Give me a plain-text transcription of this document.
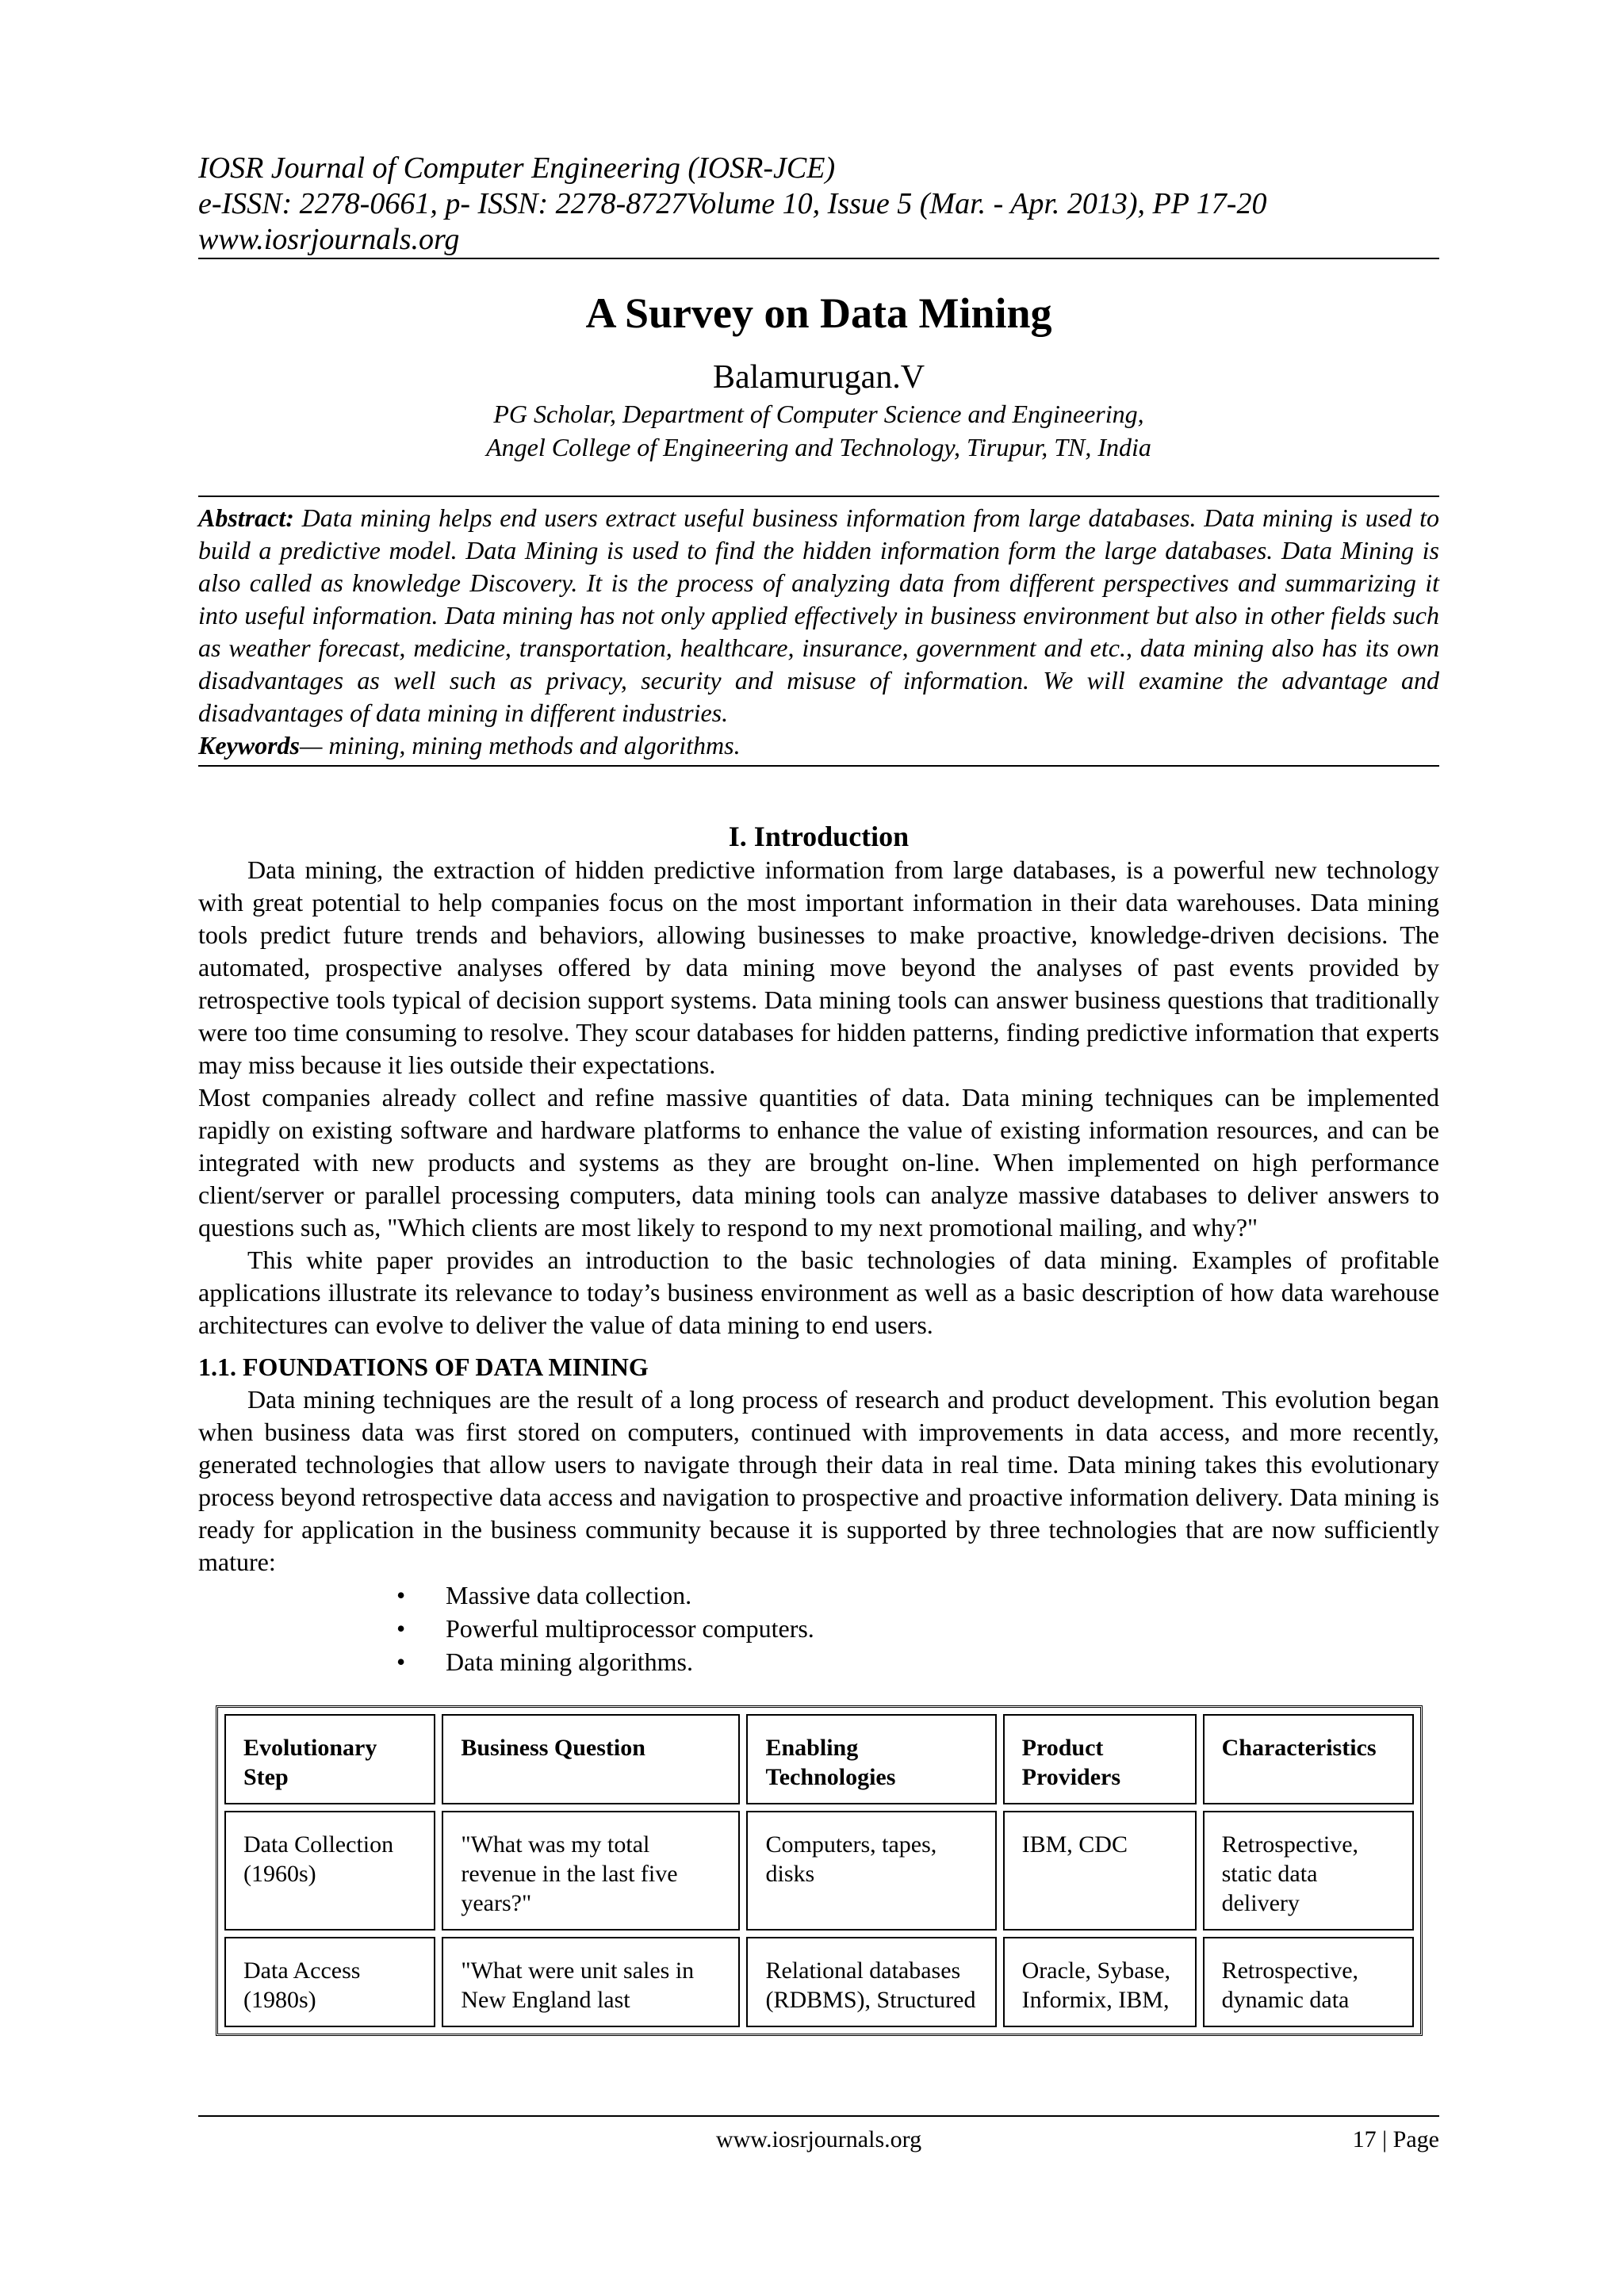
IOSR Journal of Computer Engineering (IOSR-JCE)
e-ISSN: 2278-0661, p- ISSN: 2278-8727Volume 10, Issue 5 (Mar. - Apr. 2013), PP 17-20
www.iosrjournals.org
A Survey on Data Mining
Balamurugan.V
PG Scholar, Department of Computer Science and Engineering,
Angel College of Engineering and Technology, Tirupur, TN, India

Abstract: Data mining helps end users extract useful business information from large databases. Data mining is used to build a predictive model. Data Mining is used to find the hidden information form the large databases. Data Mining is also called as knowledge Discovery. It is the process of analyzing data from different perspectives and summarizing it into useful information. Data mining has not only applied effectively in business environment but also in other fields such as weather forecast, medicine, transportation, healthcare, insurance, government and etc., data mining also has its own disadvantages as well such as privacy, security and misuse of information. We will examine the advantage and disadvantages of data mining in different industries.

Keywords— mining, mining methods and algorithms.

I. Introduction

Data mining, the extraction of hidden predictive information from large databases, is a powerful new technology with great potential to help companies focus on the most important information in their data warehouses. Data mining tools predict future trends and behaviors, allowing businesses to make proactive, knowledge-driven decisions. The automated, prospective analyses offered by data mining move beyond the analyses of past events provided by retrospective tools typical of decision support systems. Data mining tools can answer business questions that traditionally were too time consuming to resolve. They scour databases for hidden patterns, finding predictive information that experts may miss because it lies outside their expectations.

Most companies already collect and refine massive quantities of data. Data mining techniques can be implemented rapidly on existing software and hardware platforms to enhance the value of existing information resources, and can be integrated with new products and systems as they are brought on-line. When implemented on high performance client/server or parallel processing computers, data mining tools can analyze massive databases to deliver answers to questions such as, "Which clients are most likely to respond to my next promotional mailing, and why?"

This white paper provides an introduction to the basic technologies of data mining. Examples of profitable applications illustrate its relevance to today’s business environment as well as a basic description of how data warehouse architectures can evolve to deliver the value of data mining to end users.

1.1. FOUNDATIONS OF DATA MINING

Data mining techniques are the result of a long process of research and product development. This evolution began when business data was first stored on computers, continued with improvements in data access, and more recently, generated technologies that allow users to navigate through their data in real time. Data mining takes this evolutionary process beyond retrospective data access and navigation to prospective and proactive information delivery. Data mining is ready for application in the business community because it is supported by three technologies that are now sufficiently mature:

• Massive data collection.
• Powerful multiprocessor computers.
• Data mining algorithms.
Evolutionary Step	Business Question	Enabling Technologies	Product Providers	Characteristics
Data Collection (1960s)	"What was my total revenue in the last five years?"	Computers, tapes, disks	IBM, CDC	Retrospective, static data delivery
Data Access (1980s)	"What were unit sales in New England last	Relational databases (RDBMS), Structured	Oracle, Sybase, Informix, IBM,	Retrospective, dynamic data
www.iosrjournals.org	17 | Page
